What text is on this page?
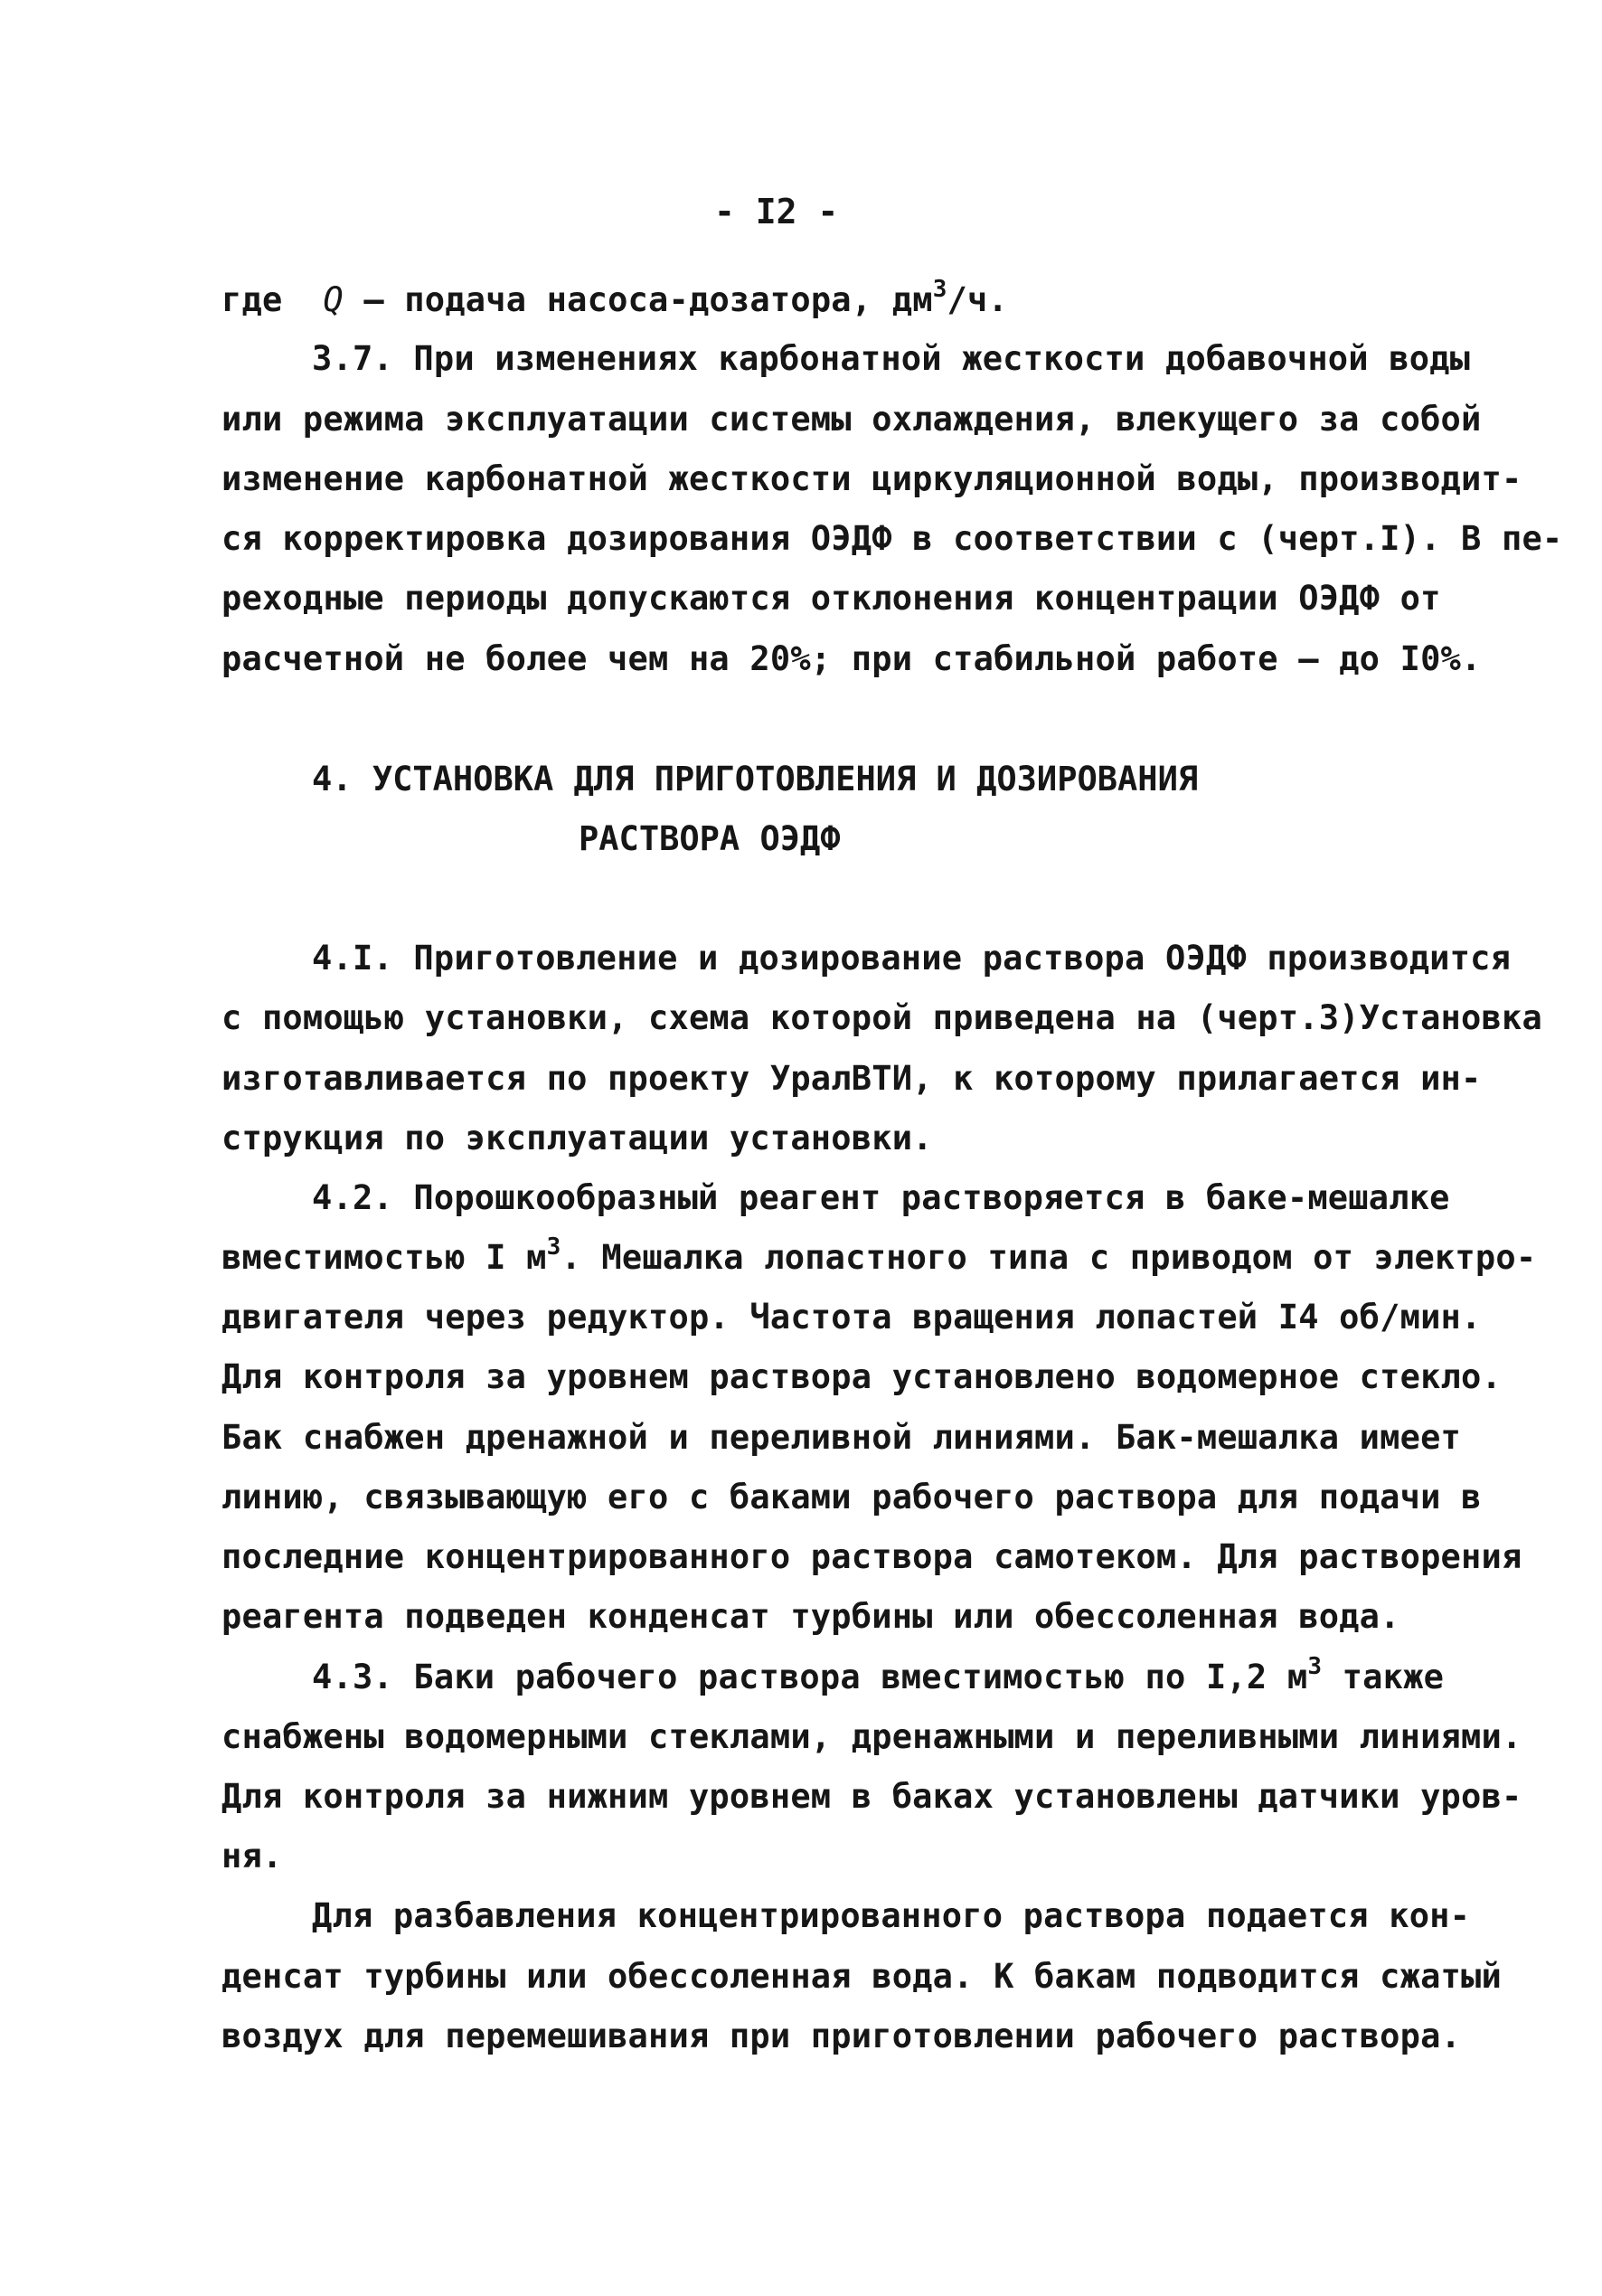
- I2 -

где Q – подача насоса-дозатора, $дм^3/ч$.

3.7. При изменениях карбонатной жесткости добавочной воды

или режима эксплуатации системы охлаждения, влекущего за собой

изменение карбонатной жесткости циркуляционной воды, производит-

ся корректировка дозирования ОЭДФ в соответствии с (черт.I). В пе-

реходные периоды допускаются отклонения концентрации ОЭДФ от

расчетной не более чем на 20%; при стабильной работе – до I0%.

4. УСТАНОВКА ДЛЯ ПРИГОТОВЛЕНИЯ И ДОЗИРОВАНИЯ
РАСТВОРА ОЭДФ

4.I. Приготовление и дозирование раствора ОЭДФ производится

с помощью установки, схема которой приведена на (черт.3)Установка

изготавливается по проекту УралВТИ, к которому прилагается ин-

струкция по эксплуатации установки.

4.2. Порошкообразный реагент растворяется в баке-мешалке

вместимостью I $м^3$. Мешалка лопастного типа с приводом от электро-

двигателя через редуктор. Частота вращения лопастей I4 об/мин.

Для контроля за уровнем раствора установлено водомерное стекло.

Бак снабжен дренажной и переливной линиями. Бак-мешалка имеет

линию, связывающую его с баками рабочего раствора для подачи в

последние концентрированного раствора самотеком. Для растворения

реагента подведен конденсат турбины или обессоленная вода.

4.3. Баки рабочего раствора вместимостью по I,2 $м^3$ также

снабжены водомерными стеклами, дренажными и переливными линиями.

Для контроля за нижним уровнем в баках установлены датчики уров-

ня.

Для разбавления концентрированного раствора подается кон-

денсат турбины или обессоленная вода. К бакам подводится сжатый

воздух для перемешивания при приготовлении рабочего раствора.
